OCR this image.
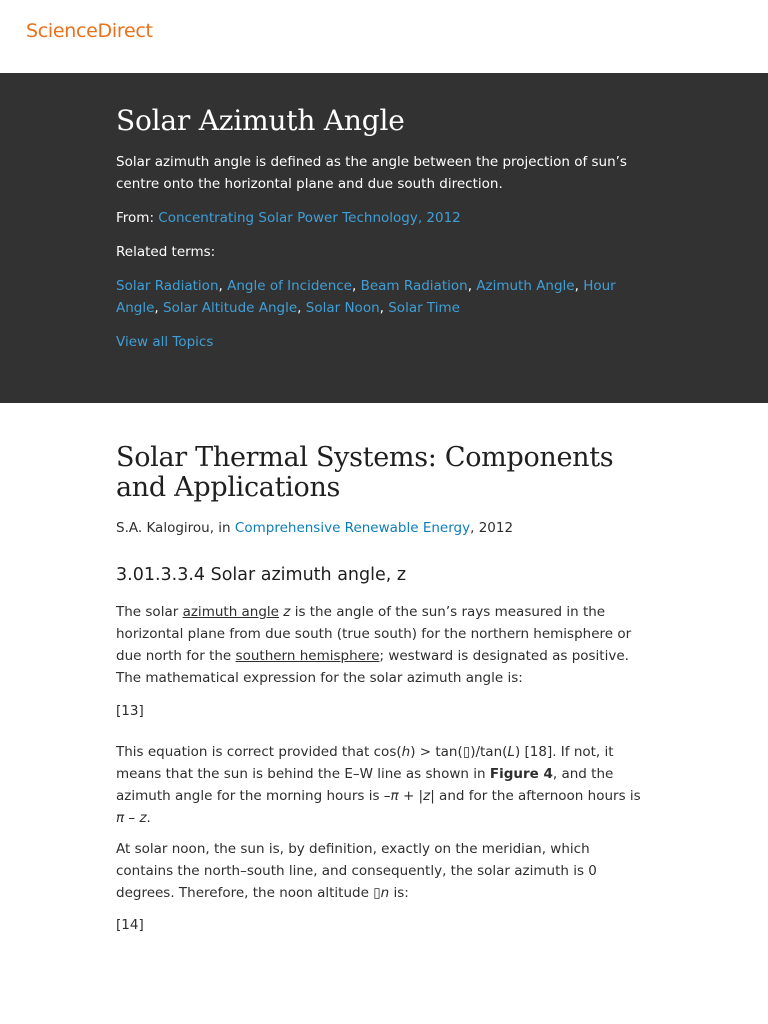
ScienceDirect
Solar Azimuth Angle

Solar azimuth angle is defined as the angle between the projection of sun’s centre onto the horizontal plane and due south direction.

From: Concentrating Solar Power Technology, 2012

Related terms:

Solar Radiation, Angle of Incidence, Beam Radiation, Azimuth Angle, Hour Angle, Solar Altitude Angle, Solar Noon, Solar Time

View all Topics

Solar Thermal Systems: Components and Applications
S.A. Kalogirou, in Comprehensive Renewable Energy, 2012
3.01.3.3.4 Solar azimuth angle, z

The solar azimuth angle z is the angle of the sun’s rays measured in the horizontal plane from due south (true south) for the northern hemisphere or due north for the southern hemisphere; westward is designated as positive. The mathematical expression for the solar azimuth angle is:

[13]

This equation is correct provided that cos(h) > tan(▯)/tan(L) [18]. If not, it means that the sun is behind the E–W line as shown in Figure 4, and the azimuth angle for the morning hours is –π + |z| and for the afternoon hours is π – z.

At solar noon, the sun is, by definition, exactly on the meridian, which contains the north–south line, and consequently, the solar azimuth is 0 degrees. Therefore, the noon altitude ▯n is:

[14]
